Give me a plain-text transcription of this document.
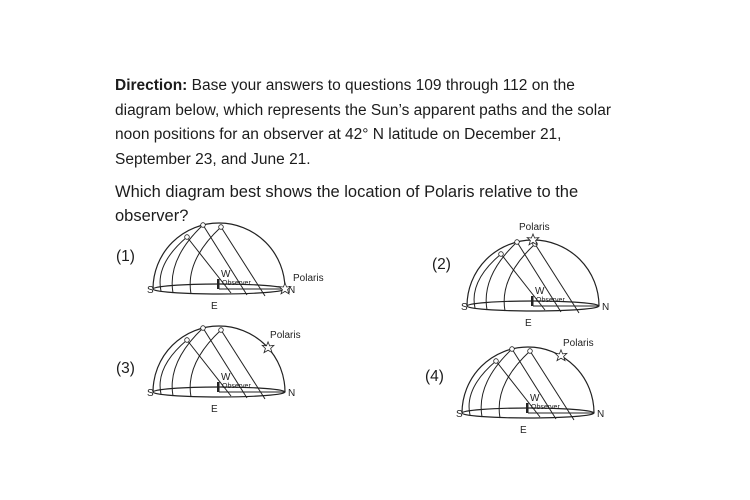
Direction: Base your answers to questions 109 through 112 on the diagram below, which represents the Sun’s apparent paths and the solar noon positions for an observer at 42° N latitude on December 21, September 23, and June 21.
Which diagram best shows the location of Polaris relative to the observer?
(1)	(2)
(3)	(4)
Observer
W
S	N
E
Polaris
Observer
W
S	N
E
Polaris
Observer
W
S	N
E
Polaris
Observer
W
S	N
E
Polaris
